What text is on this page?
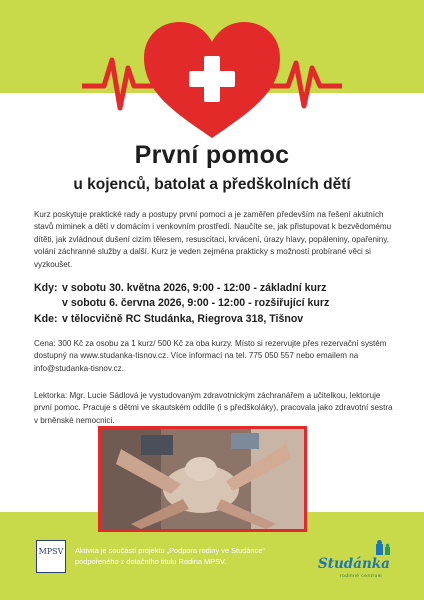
První pomoc
u kojenců, batolat a předškolních dětí
Kurz poskytuje praktické rady a postupy první pomoci a je zaměřen především na řešení akutních stavů miminek a dětí v domácím i venkovním prostředí. Naučíte se, jak přistupovat k bezvědomému dítěti, jak zvládnout dušení cizím tělesem, resuscitaci, krvácení, úrazy hlavy, popáleniny, opařeniny, volání záchranné služby a další. Kurz je veden zejména prakticky s možností probírané věci si vyzkoušet.
Kdy: v sobotu 30. května 2026, 9:00 - 12:00 - základní kurz
v sobotu 6. června 2026, 9:00 - 12:00 - rozšiřující kurz
Kde: v tělocvičně RC Studánka, Riegrova 318, Tišnov
Cena: 300 Kč za osobu za 1 kurz/ 500 Kč za oba kurzy. Místo si rezervujte přes rezervační systém dostupný na www.studanka-tisnov.cz. Více informací na tel. 775 050 557 nebo emailem na info@studanka-tisnov.cz.
Lektorka: Mgr. Lucie Sádlová je vystudovaným zdravotnickým záchranářem a učitelkou, lektoruje první pomoc. Pracuje s dětmi ve skautském oddíle (i s předškoláky), pracovala jako zdravotní sestra v brněnské nemocnici.
MPSV	Aktivita je součástí projektu „Podpora rodiny ve Studánce“ podpořeného z dotačního titulu Rodina MPSV.	Studánka
rodinné centrum
